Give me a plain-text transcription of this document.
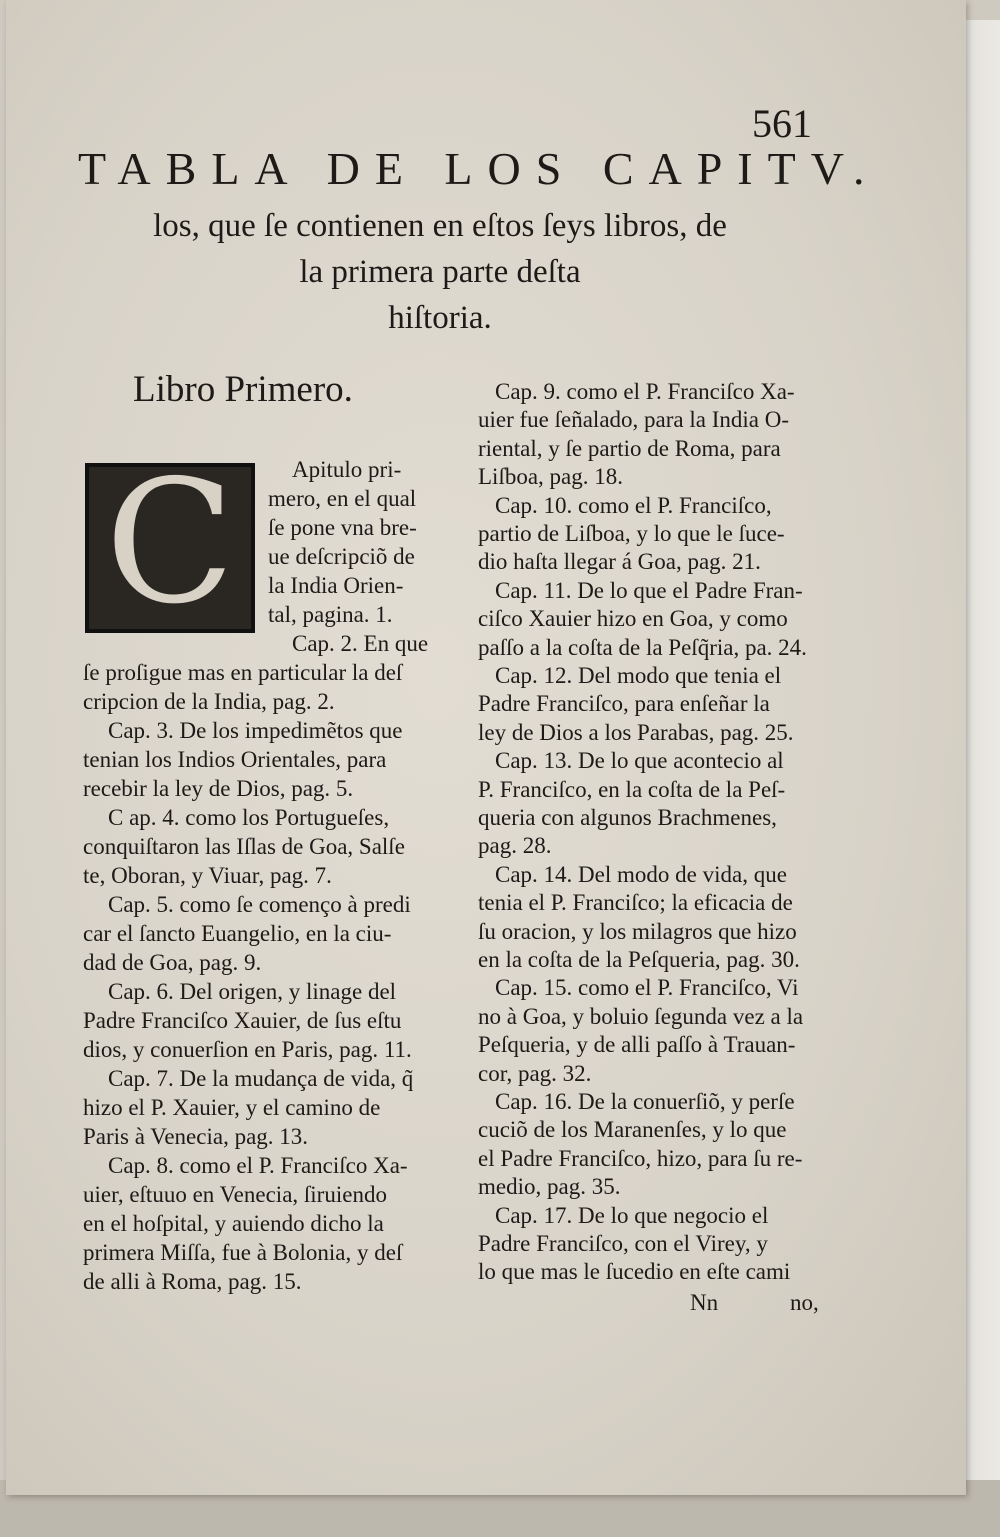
561
TABLA DE LOS CAPITV.
los, que ſe contienen en eſtos ſeys libros, de
la primera parte deſta
hiſtoria.
Libro Primero.
C Apitulo pri-
mero, en el qual
ſe pone vna bre-
ue deſcripciõ de
la India Orien-
tal, pagina. 1.
Cap. 2. En que
ſe proſigue mas en particular la deſ
cripcion de la India, pag. 2.
Cap. 3. De los impedimẽtos que
tenian los Indios Orientales, para
recebir la ley de Dios, pag. 5.
C ap. 4. como los Portugueſes,
conquiſtaron las Iſlas de Goa, Salſe
te, Oboran, y Viuar, pag. 7.
Cap. 5. como ſe començo à predi
car el ſancto Euangelio, en la ciu-
dad de Goa, pag. 9.
Cap. 6. Del origen, y linage del
Padre Franciſco Xauier, de ſus eſtu
dios, y conuerſion en Paris, pag. 11.
Cap. 7. De la mudança de vida, q̃
hizo el P. Xauier, y el camino de
Paris à Venecia, pag. 13.
Cap. 8. como el P. Franciſco Xa-
uier, eſtuuo en Venecia, ſiruiendo
en el hoſpital, y auiendo dicho la
primera Miſſa, fue à Bolonia, y deſ
de alli à Roma, pag. 15.
Cap. 9. como el P. Franciſco Xa-
uier fue ſeñalado, para la India O-
riental, y ſe partio de Roma, para
Liſboa, pag. 18.
Cap. 10. como el P. Franciſco,
partio de Liſboa, y lo que le ſuce-
dio haſta llegar á Goa, pag. 21.
Cap. 11. De lo que el Padre Fran-
ciſco Xauier hizo en Goa, y como
paſſo a la coſta de la Peſq̃ria, pa. 24.
Cap. 12. Del modo que tenia el
Padre Franciſco, para enſeñar la
ley de Dios a los Parabas, pag. 25.
Cap. 13. De lo que acontecio al
P. Franciſco, en la coſta de la Peſ-
queria con algunos Brachmenes,
pag. 28.
Cap. 14. Del modo de vida, que
tenia el P. Franciſco; la eficacia de
ſu oracion, y los milagros que hizo
en la coſta de la Peſqueria, pag. 30.
Cap. 15. como el P. Franciſco, Vi
no à Goa, y boluio ſegunda vez a la
Peſqueria, y de alli paſſo à Trauan-
cor, pag. 32.
Cap. 16. De la conuerſiõ, y perſe
cuciõ de los Maranenſes, y lo que
el Padre Franciſco, hizo, para ſu re-
medio, pag. 35.
Cap. 17. De lo que negocio el
Padre Franciſco, con el Virey, y
lo que mas le ſucedio en eſte cami
Nn	no,
